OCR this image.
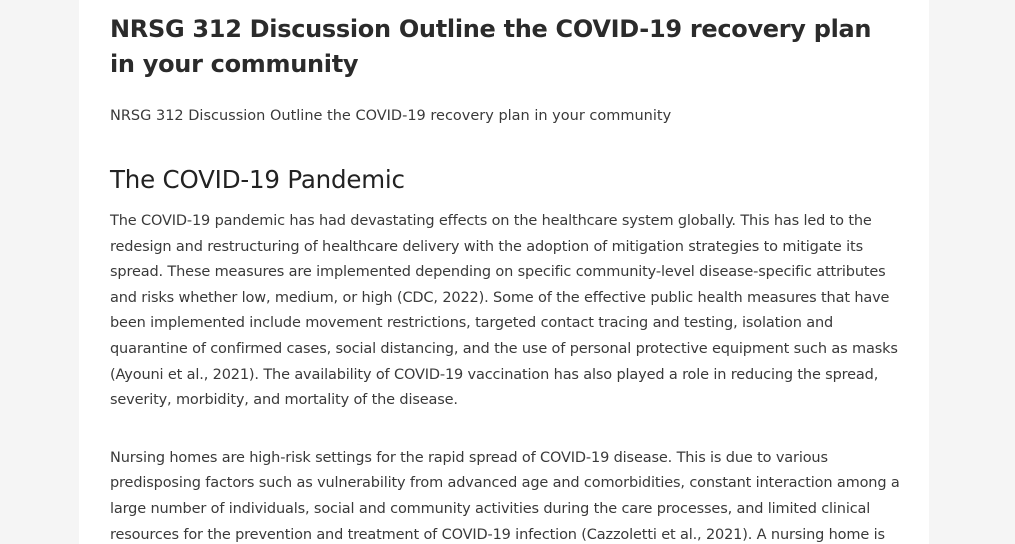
NRSG 312 Discussion Outline the COVID-19 recovery plan in your community

NRSG 312 Discussion Outline the COVID-19 recovery plan in your community

The COVID-19 Pandemic

The COVID-19 pandemic has had devastating effects on the healthcare system globally. This has led to the redesign and restructuring of healthcare delivery with the adoption of mitigation strategies to mitigate its spread. These measures are implemented depending on specific community-level disease-specific attributes and risks whether low, medium, or high (CDC, 2022). Some of the effective public health measures that have been implemented include movement restrictions, targeted contact tracing and testing, isolation and quarantine of confirmed cases, social distancing, and the use of personal protective equipment such as masks (Ayouni et al., 2021). The availability of COVID-19 vaccination has also played a role in reducing the spread, severity, morbidity, and mortality of the disease.

Nursing homes are high-risk settings for the rapid spread of COVID-19 disease. This is due to various predisposing factors such as vulnerability from advanced age and comorbidities, constant interaction among a large number of individuals, social and community activities during the care processes, and limited clinical resources for the prevention and treatment of COVID-19 infection (Cazzoletti et al., 2021). A nursing home is
